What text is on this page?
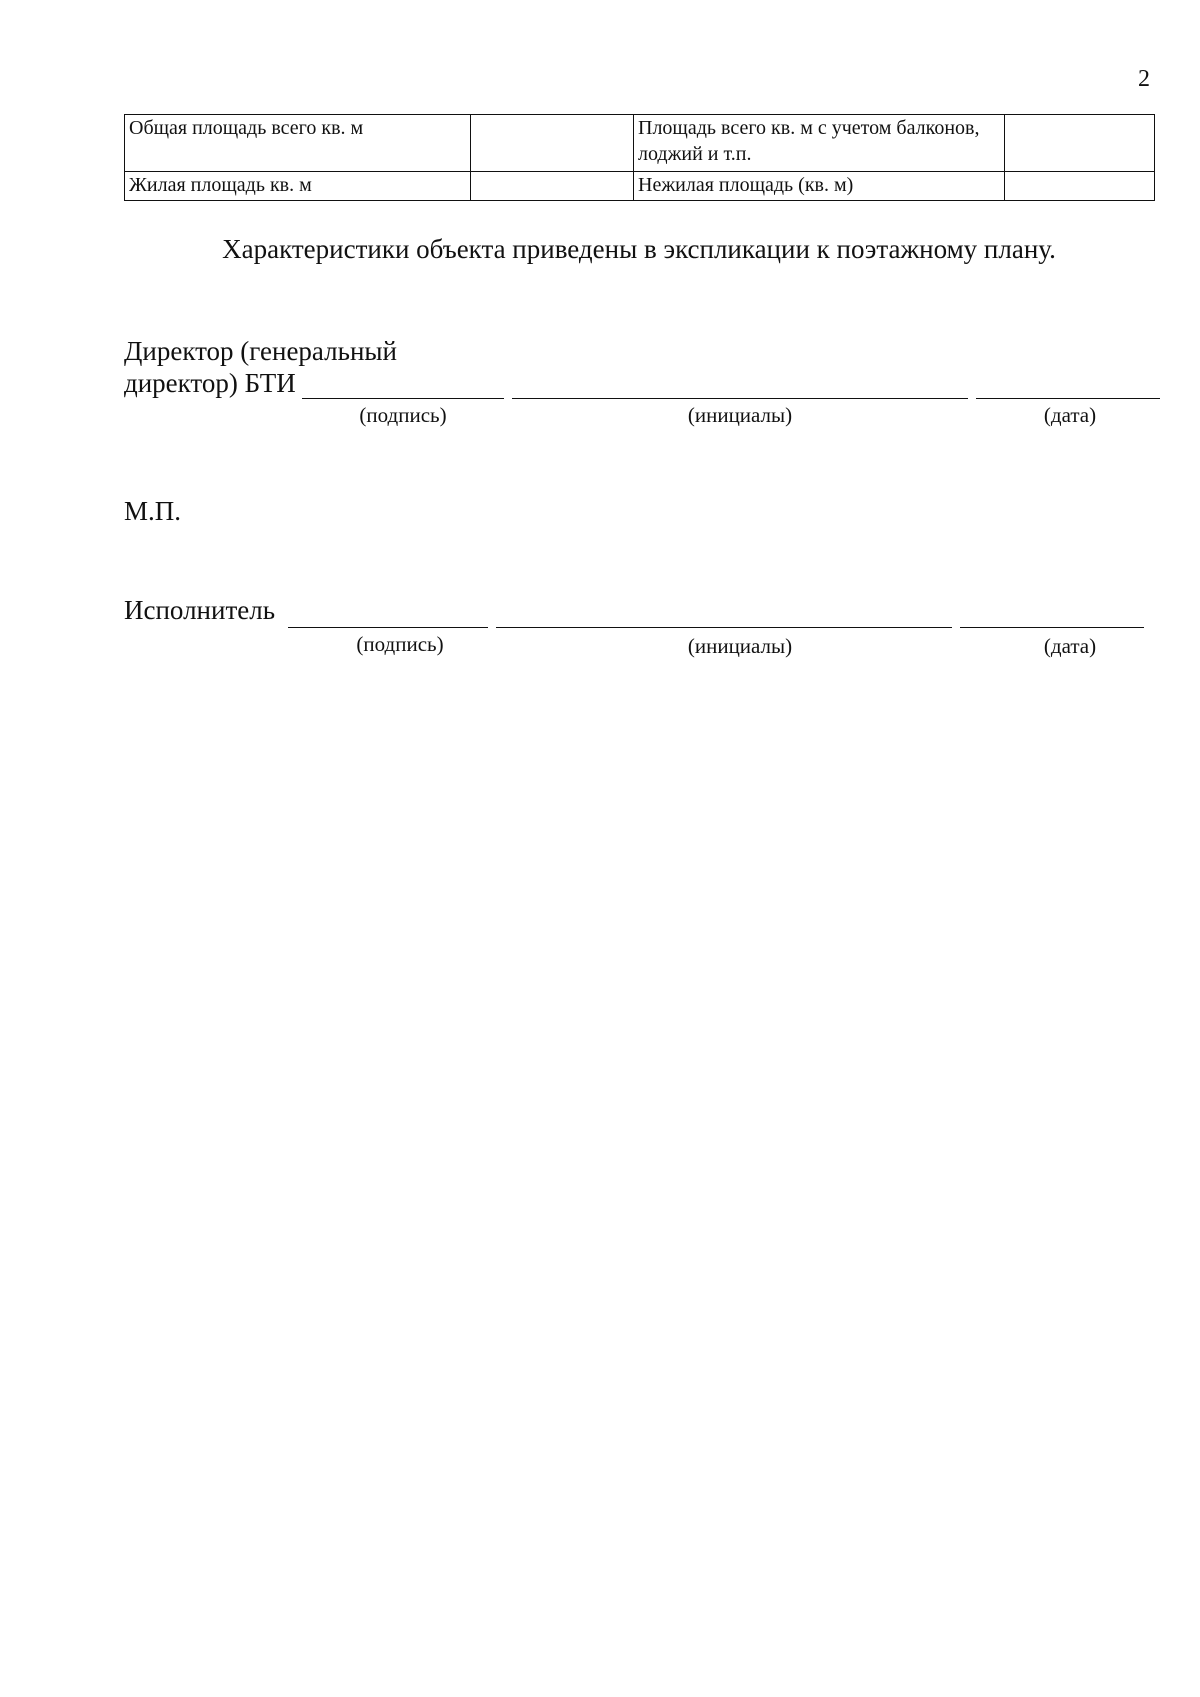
2
Общая площадь всего кв. м		Площадь всего кв. м с учетом балконов, лоджий и т.п.	
Жилая площадь кв. м		Нежилая площадь (кв. м)	
Характеристики объекта приведены в экспликации к поэтажному плану.
Директор (генеральный
директор) БТИ
(подпись)	(инициалы)	(дата)
М.П.
Исполнитель
(подпись)	(инициалы)	(дата)
